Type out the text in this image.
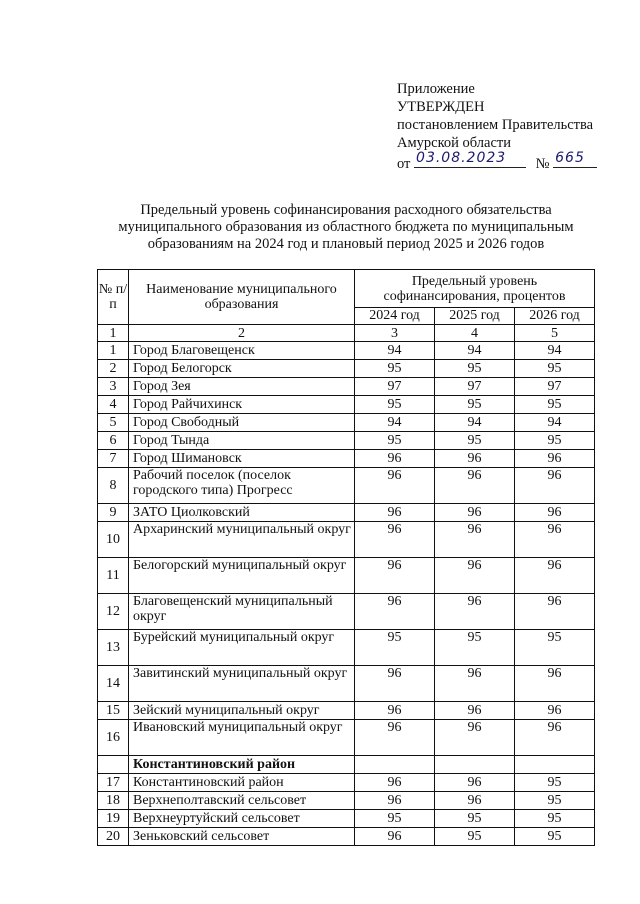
Приложение
УТВЕРЖДЕН
постановлением Правительства
Амурской области
от 03.08.2023 № 665
Предельный уровень софинансирования расходного обязательства
муниципального образования из областного бюджета по муниципальным
образованиям на 2024 год и плановый период 2025 и 2026 годов
№ п/п	Наименование муниципального образования	Предельный уровень софинансирования, процентов		
		2024 год	2025 год	2026 год
1	2	3	4	5
1	Город Благовещенск	94	94	94
2	Город Белогорск	95	95	95
3	Город Зея	97	97	97
4	Город Райчихинск	95	95	95
5	Город Свободный	94	94	94
6	Город Тында	95	95	95
7	Город Шимановск	96	96	96
8	Рабочий поселок (поселок городского типа) Прогресс	96	96	96
9	ЗАТО Циолковский	96	96	96
10	Архаринский муниципальный округ	96	96	96
11	Белогорский муниципальный округ	96	96	96
12	Благовещенский муниципальный округ	96	96	96
13	Бурейский муниципальный округ	95	95	95
14	Завитинский муниципальный округ	96	96	96
15	Зейский муниципальный округ	96	96	96
16	Ивановский муниципальный округ	96	96	96
	Константиновский район			
17	Константиновский район	96	96	95
18	Верхнеполтавский сельсовет	96	96	95
19	Верхнеуртуйский сельсовет	95	95	95
20	Зеньковский сельсовет	96	95	95
